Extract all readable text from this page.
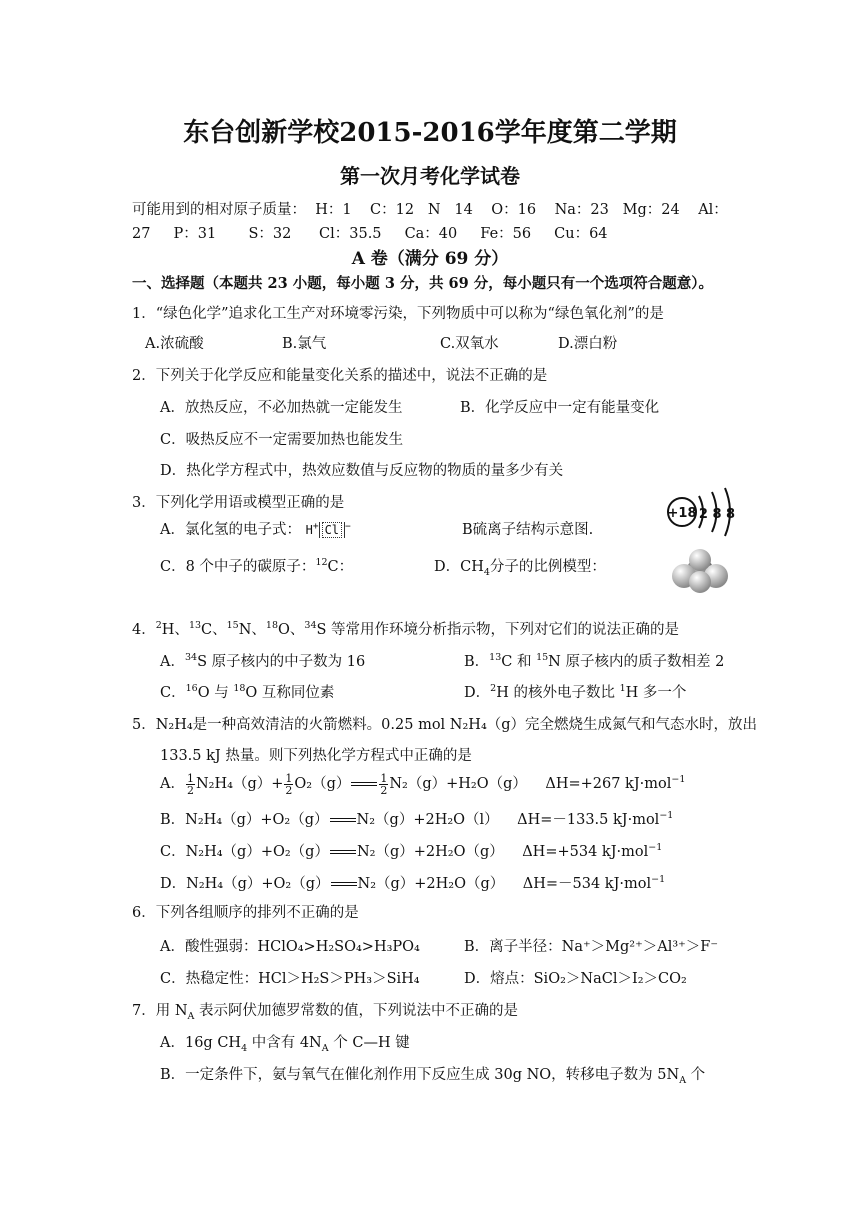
东台创新学校2015-2016学年度第二学期
第一次月考化学试卷
可能用到的相对原子质量：  H：1    C：12   N   14    O：16    Na：23   Mg：24    Al：
27     P：31       S：32      Cl：35.5     Ca：40     Fe：56     Cu：64
A 卷（满分 69 分）
一、选择题（本题共 23 小题，每小题 3 分，共 69 分，每小题只有一个选项符合题意）。
1．“绿色化学”追求化工生产对环境零污染，下列物质中可以称为“绿色氧化剂”的是
A.浓硫酸	B.氯气	C.双氧水	D.漂白粉
2．下列关于化学反应和能量变化关系的描述中，说法不正确的是
A．放热反应，不必加热就一定能发生	B．化学反应中一定有能量变化
C．吸热反应不一定需要加热也能发生
D．热化学方程式中，热效应数值与反应物的物质的量多少有关
3．下列化学用语或模型正确的是
A．氯化氢的电子式： H+ Cl −	B硫离子结构示意图.
+18 2 8 8
C．8 个中子的碳原子：$^{12}$C：	D．$CH_4$分子的比例模型：
4．$^2$H、$^{13}$C、$^{15}$N、$^{18}$O、$^{34}$S 等常用作环境分析指示物，下列对它们的说法正确的是
A．$^{34}$S 原子核内的中子数为 16	B．$^{13}$C 和 $^{15}$N 原子核内的质子数相差 2
C．$^{16}$O 与 $^{18}$O 互称同位素	D．$^2$H 的核外电子数比 $^1$H 多一个
5．N₂H₄是一种高效清洁的火箭燃料。0.25 mol N₂H₄（g）完全燃烧生成氮气和气态水时，放出
133.5 kJ 热量。则下列热化学方程式中正确的是
A． $\frac{1}{2} N_2H_4(g)+ \frac{1}{2} O_2(g)$	$\frac{1}{2} N_2(g)+H_2O(g)$    ΔH=+267 kJ·mol$^{-1}$
B．N₂H₄（g）+O₂（g） N₂（g）+2H₂O（l） ΔH=－133.5 kJ·mol$^{-1}$
C．N₂H₄（g）+O₂（g） N₂（g）+2H₂O（g） ΔH=+534 kJ·mol$^{-1}$
D．N₂H₄（g）+O₂（g） N₂（g）+2H₂O（g） ΔH=－534 kJ·mol$^{-1}$
6．下列各组顺序的排列不正确的是
A．酸性强弱：HClO₄>H₂SO₄>H₃PO₄	B．离子半径：Na⁺＞Mg²⁺＞Al³⁺＞F⁻
C．热稳定性：HCl＞H₂S＞PH₃＞SiH₄	D．熔点：SiO₂＞NaCl＞I₂＞CO₂
7．用 $N_A$ 表示阿伏加德罗常数的值，下列说法中不正确的是
A．16g $CH_4$ 中含有 $4N_A$ 个 C—H 键
B．一定条件下，氨与氧气在催化剂作用下反应生成 30g NO，转移电子数为 $5N_A$ 个
